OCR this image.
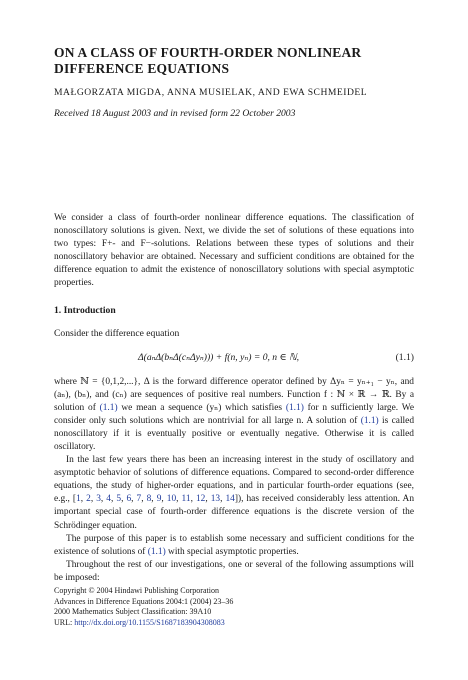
ON A CLASS OF FOURTH-ORDER NONLINEAR DIFFERENCE EQUATIONS
MAŁGORZATA MIGDA, ANNA MUSIELAK, AND EWA SCHMEIDEL
Received 18 August 2003 and in revised form 22 October 2003
We consider a class of fourth-order nonlinear difference equations. The classification of nonoscillatory solutions is given. Next, we divide the set of solutions of these equations into two types: F+- and F−-solutions. Relations between these types of solutions and their nonoscillatory behavior are obtained. Necessary and sufficient conditions are obtained for the difference equation to admit the existence of nonoscillatory solutions with special asymptotic properties.
1. Introduction
Consider the difference equation
Δ(aₙΔ(bₙΔ(cₙΔyₙ))) + f(n, yₙ) = 0, n ∈ ℕ,	(1.1)

where ℕ = {0,1,2,...}, Δ is the forward difference operator defined by Δyₙ = yₙ₊₁ − yₙ, and (aₙ), (bₙ), and (cₙ) are sequences of positive real numbers. Function f : ℕ × ℝ → ℝ. By a solution of (1.1) we mean a sequence (yₙ) which satisfies (1.1) for n sufficiently large. We consider only such solutions which are nontrivial for all large n. A solution of (1.1) is called nonoscillatory if it is eventually positive or eventually negative. Otherwise it is called oscillatory.

In the last few years there has been an increasing interest in the study of oscillatory and asymptotic behavior of solutions of difference equations. Compared to second-order difference equations, the study of higher-order equations, and in particular fourth-order equations (see, e.g., [1, 2, 3, 4, 5, 6, 7, 8, 9, 10, 11, 12, 13, 14]), has received considerably less attention. An important special case of fourth-order difference equations is the discrete version of the Schrödinger equation.

The purpose of this paper is to establish some necessary and sufficient conditions for the existence of solutions of (1.1) with special asymptotic properties.

Throughout the rest of our investigations, one or several of the following assumptions will be imposed:

Copyright © 2004 Hindawi Publishing Corporation
Advances in Difference Equations 2004:1 (2004) 23–36
2000 Mathematics Subject Classification: 39A10
URL: http://dx.doi.org/10.1155/S1687183904308083
